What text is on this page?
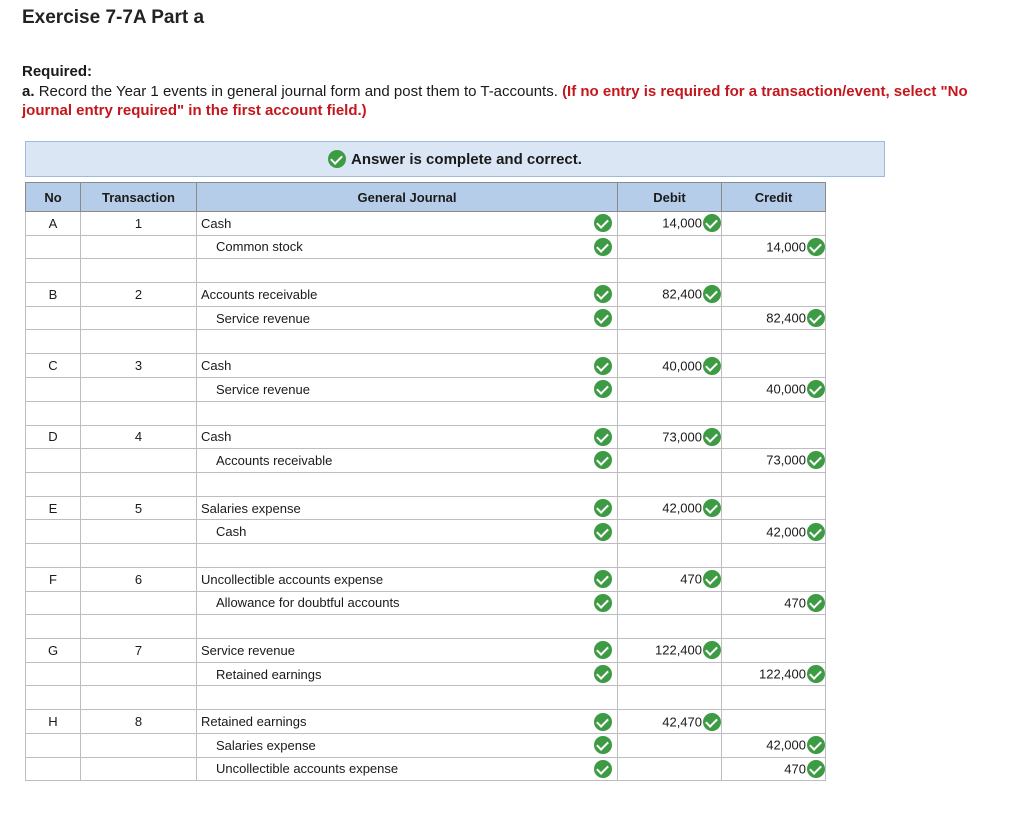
Exercise 7-7A Part a
Required:
a. Record the Year 1 events in general journal form and post them to T-accounts. (If no entry is required for a transaction/event, select "No journal entry required" in the first account field.)
Answer is complete and correct.
No	Transaction	General Journal	Debit	Credit
A	1	Cash	14,000	
		Common stock		14,000

B	2	Accounts receivable	82,400	
		Service revenue		82,400

C	3	Cash	40,000	
		Service revenue		40,000

D	4	Cash	73,000	
		Accounts receivable		73,000

E	5	Salaries expense	42,000	
		Cash		42,000

F	6	Uncollectible accounts expense	470	
		Allowance for doubtful accounts		470

G	7	Service revenue	122,400	
		Retained earnings		122,400

H	8	Retained earnings	42,470	
		Salaries expense		42,000
		Uncollectible accounts expense		470
